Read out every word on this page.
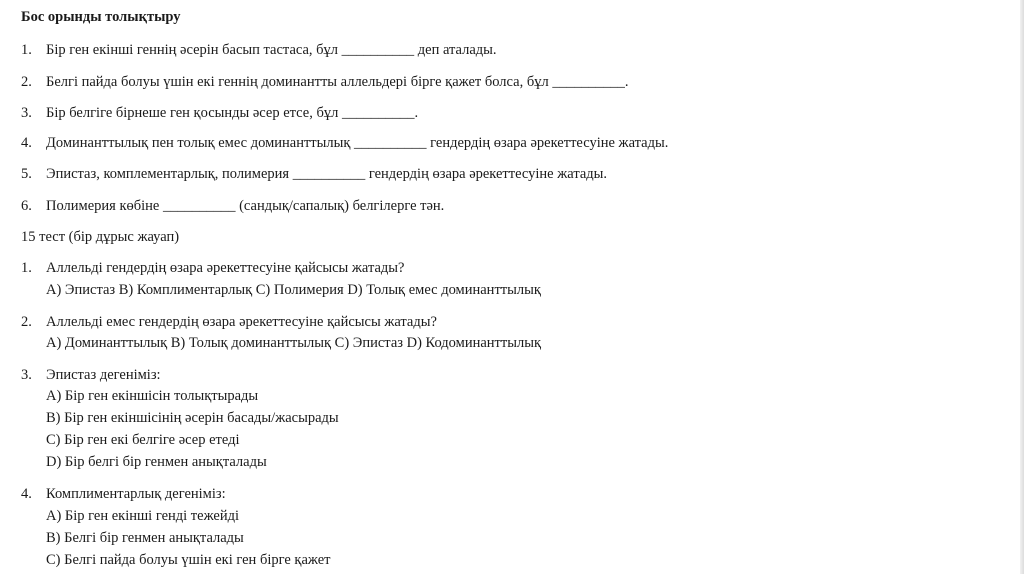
Бос орынды толықтыру
1. Бір ген екінші геннің әсерін басып тастаса, бұл __________ деп аталады.
2. Белгі пайда болуы үшін екі геннің доминантты аллельдері бірге қажет болса, бұл __________.
3. Бір белгіге бірнеше ген қосынды әсер етсе, бұл __________.
4. Доминанттылық пен толық емес доминанттылық __________ гендердің өзара әрекеттесуіне жатады.
5. Эпистаз, комплементарлық, полимерия __________ гендердің өзара әрекеттесуіне жатады.
6. Полимерия көбіне __________ (сандық/сапалық) белгілерге тән.
15 тест (бір дұрыс жауап)
1. Аллельді гендердің өзара әрекеттесуіне қайсысы жатады?
А) Эпистаз В) Комплиментарлық С) Полимерия D) Толық емес доминанттылық
2. Аллельді емес гендердің өзара әрекеттесуіне қайсысы жатады?
А) Доминанттылық В) Толық доминанттылық С) Эпистаз D) Кодоминанттылық
3. Эпистаз дегеніміз:
А) Бір ген екіншісін толықтырады
В) Бір ген екіншісінің әсерін басады/жасырады
С) Бір ген екі белгіге әсер етеді
D) Бір белгі бір генмен анықталады
4. Комплиментарлық дегеніміз:
А) Бір ген екінші генді тежейді
В) Белгі бір генмен анықталады
С) Белгі пайда болуы үшін екі ген бірге қажет
